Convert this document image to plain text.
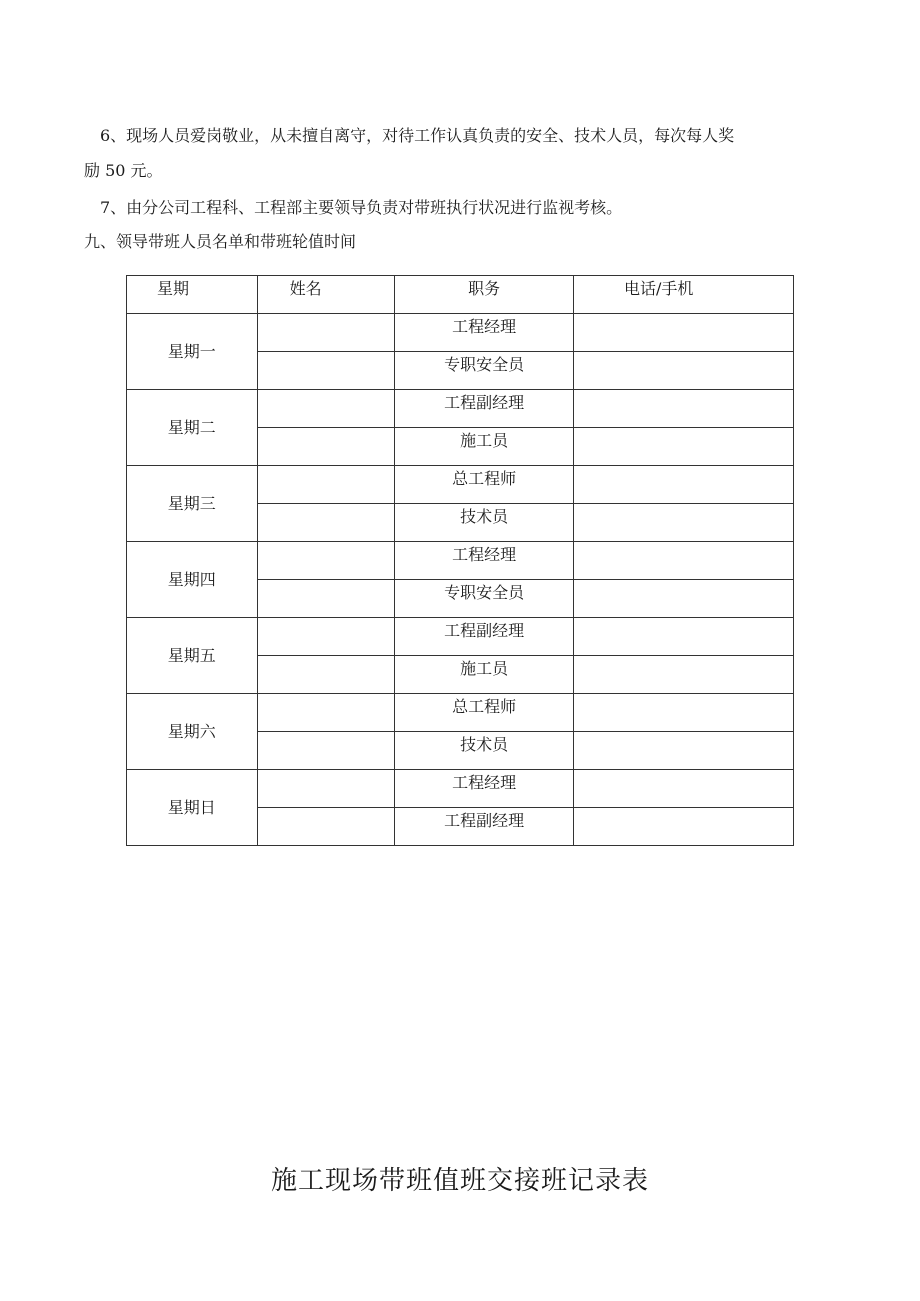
6、现场人员爱岗敬业，从未擅自离守，对待工作认真负责的安全、技术人员，每次每人奖

励 50 元。

7、由分公司工程科、工程部主要领导负责对带班执行状况进行监视考核。

九、领导带班人员名单和带班轮值时间

星期	姓名	职务	电话/手机
星期一		工程经理	
		专职安全员	
星期二		工程副经理	
		施工员	
星期三		总工程师	
		技术员	
星期四		工程经理	
		专职安全员	
星期五		工程副经理	
		施工员	
星期六		总工程师	
		技术员	
星期日		工程经理	
		工程副经理	
施工现场带班值班交接班记录表
